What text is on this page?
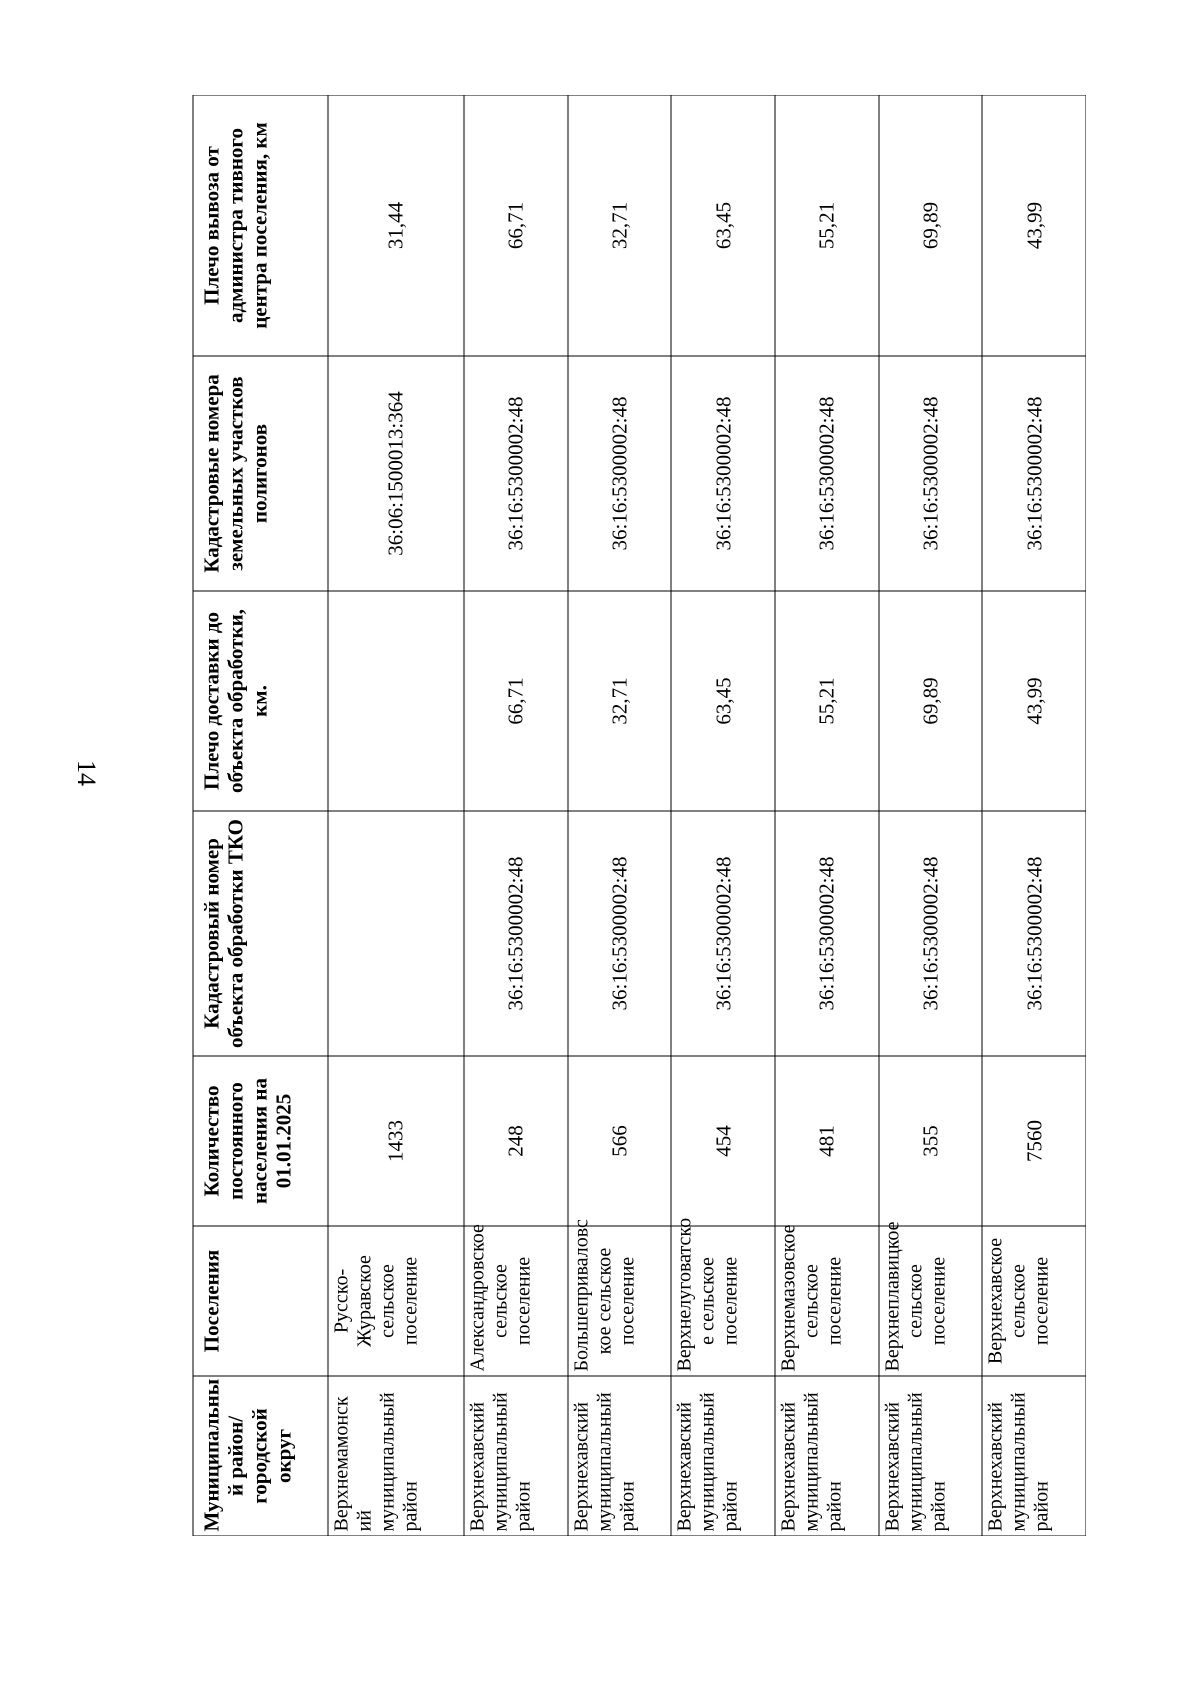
14
Муниципальны й район/ городской округ	Поселения	Количество постоянного населения на 01.01.2025	Кадастровый номер объекта обработки ТКО	Плечо доставки до объекта обработки, км.	Кадастровые номера земельных участков полигонов	Плечо вывоза от администра тивного центра поселения, км
Верхнемамонск ий муниципальный район	Русско-Журавское сельское поселение	1433			36:06:1500013:364	31,44
Верхнехавский муниципальный район	Александровское сельское поселение	248	36:16:5300002:48	66,71	36:16:5300002:48	66,71
Верхнехавский муниципальный район	Большеприваловс кое сельское поселение	566	36:16:5300002:48	32,71	36:16:5300002:48	32,71
Верхнехавский муниципальный район	Верхнелуговатско е сельское поселение	454	36:16:5300002:48	63,45	36:16:5300002:48	63,45
Верхнехавский муниципальный район	Верхнемазовское сельское поселение	481	36:16:5300002:48	55,21	36:16:5300002:48	55,21
Верхнехавский муниципальный район	Верхнеплавицкое сельское поселение	355	36:16:5300002:48	69,89	36:16:5300002:48	69,89
Верхнехавский муниципальный район	Верхнехавское сельское поселение	7560	36:16:5300002:48	43,99	36:16:5300002:48	43,99
